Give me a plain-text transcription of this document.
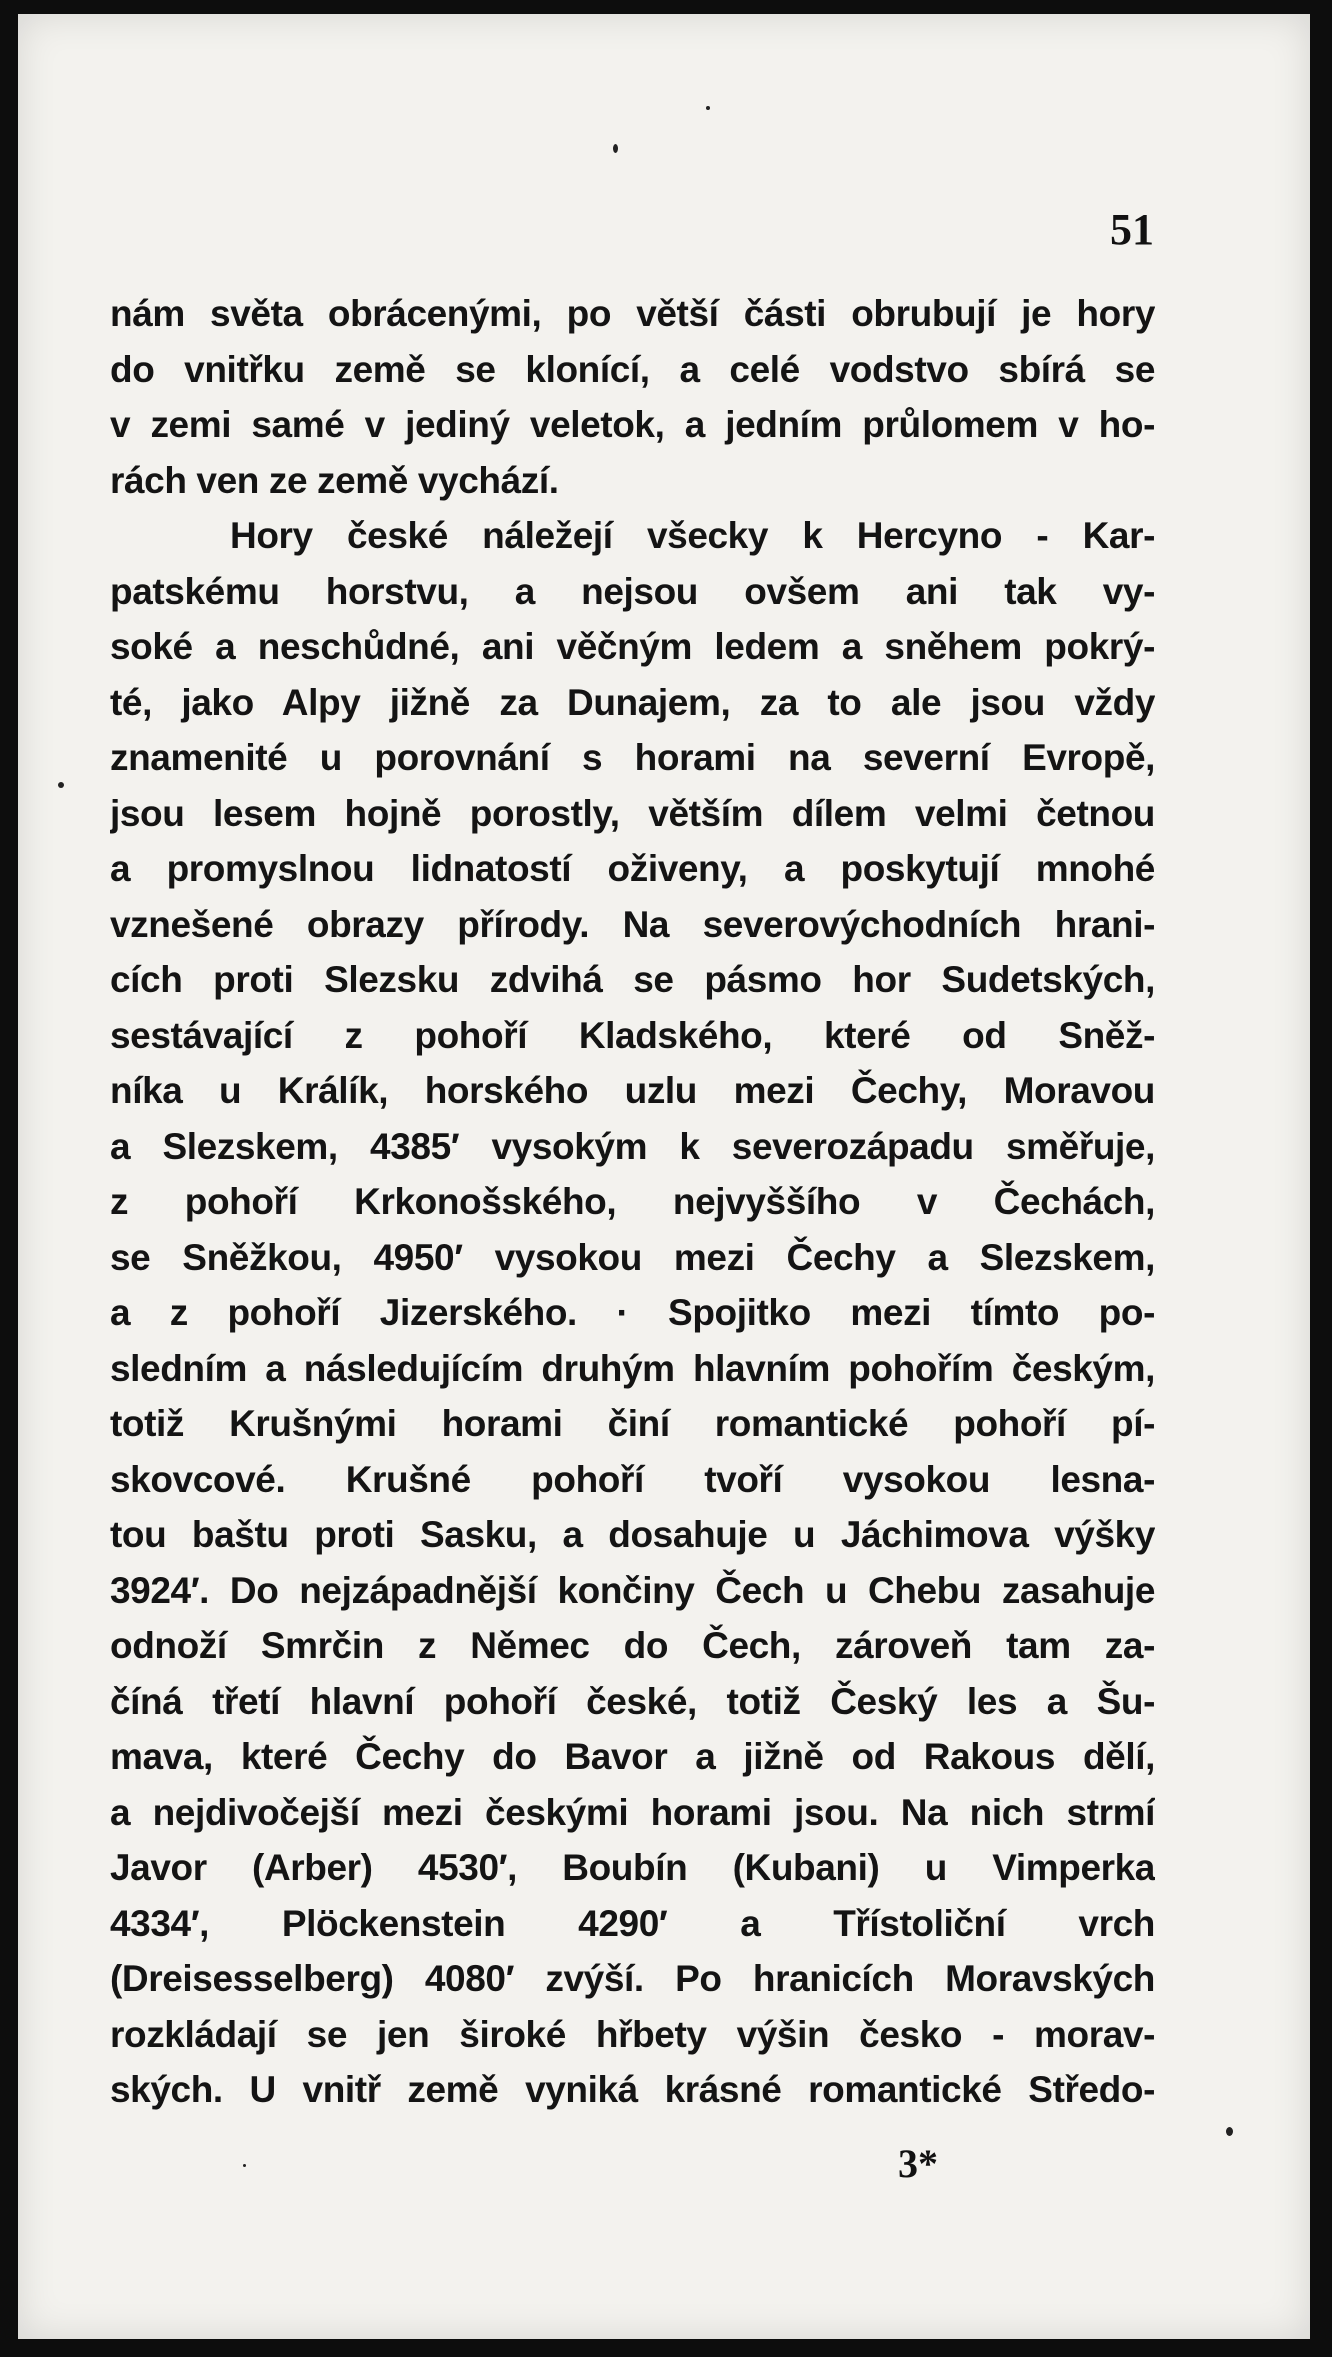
51
nám světa obrácenými, po větší části obrubují je hory
do vnitřku země se klonící, a celé vodstvo sbírá se
v zemi samé v jediný veletok, a jedním průlomem v ho-
rách ven ze země vychází.
Hory české náležejí všecky k Hercyno - Kar-
patskému horstvu, a nejsou ovšem ani tak vy-
soké a neschůdné, ani věčným ledem a sněhem pokrý-
té, jako Alpy jižně za Dunajem, za to ale jsou vždy
znamenité u porovnání s horami na severní Evropě,
jsou lesem hojně porostly, větším dílem velmi četnou
a promyslnou lidnatostí oživeny, a poskytují mnohé
vznešené obrazy přírody. Na severovýchodních hrani-
cích proti Slezsku zdvihá se pásmo hor Sudetských,
sestávající z pohoří Kladského, které od Sněž-
níka u Králík, horského uzlu mezi Čechy, Moravou
a Slezskem, 4385′ vysokým k severozápadu směřuje,
z pohoří Krkonošského, nejvyššího v Čechách,
se Sněžkou, 4950′ vysokou mezi Čechy a Slezskem,
a z pohoří Jizerského. · Spojitko mezi tímto po-
sledním a následujícím druhým hlavním pohořím českým,
totiž Krušnými horami činí romantické pohoří pí-
skovcové. Krušné pohoří tvoří vysokou lesna-
tou baštu proti Sasku, a dosahuje u Jáchimova výšky
3924′. Do nejzápadnější končiny Čech u Chebu zasahuje
odnoží Smrčin z Němec do Čech, zároveň tam za-
číná třetí hlavní pohoří české, totiž Český les a Šu-
mava, které Čechy do Bavor a jižně od Rakous dělí,
a nejdivočejší mezi českými horami jsou. Na nich strmí
Javor (Arber) 4530′, Boubín (Kubani) u Vimperka
4334′, Plöckenstein 4290′ a Třístoliční vrch
(Dreisesselberg) 4080′ zvýší. Po hranicích Moravských
rozkládají se jen široké hřbety výšin česko - morav-
ských. U vnitř země vyniká krásné romantické Středo-
3*
